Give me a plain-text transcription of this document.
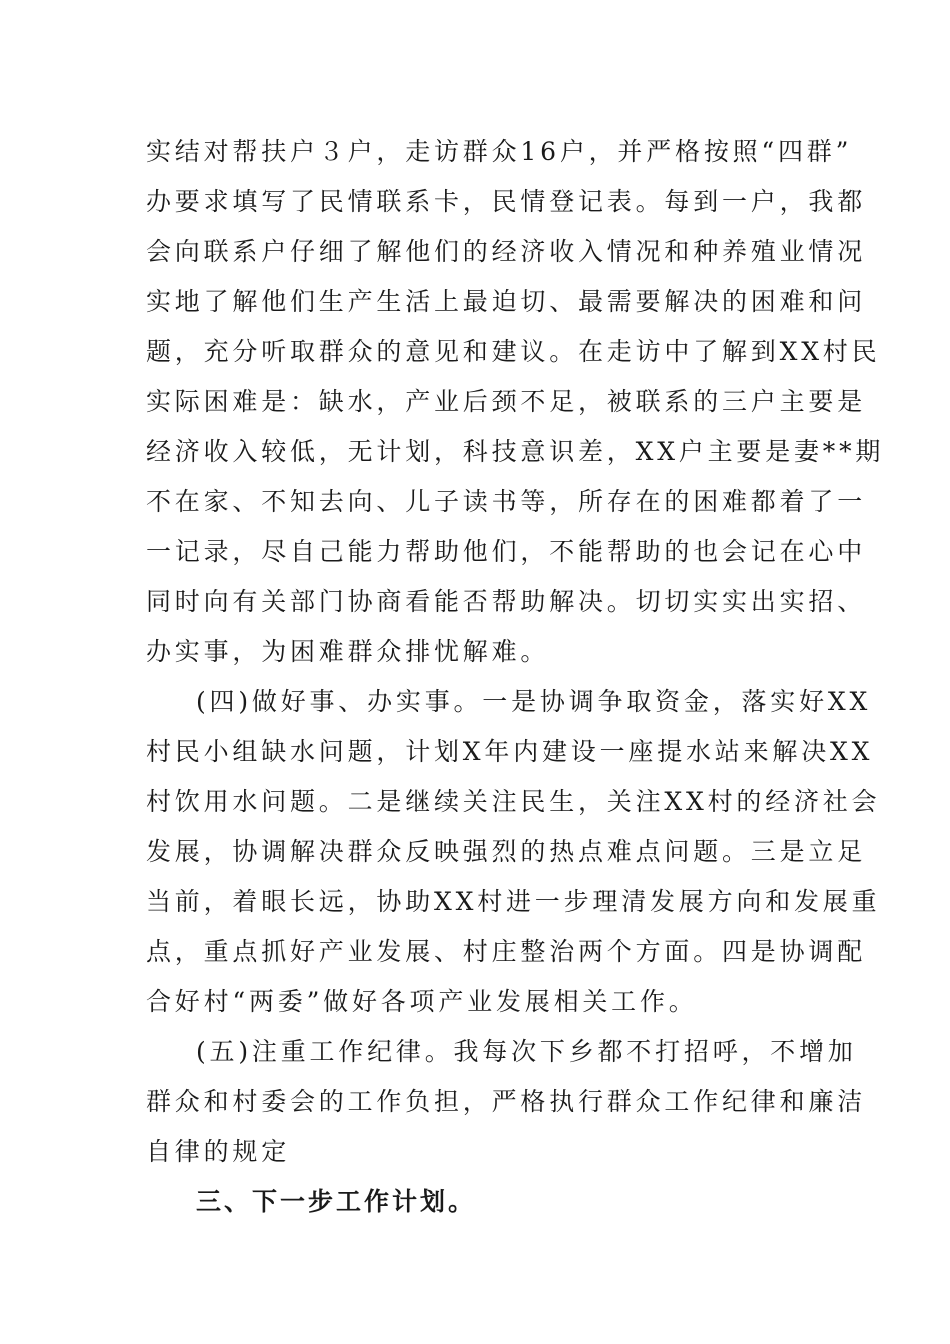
实结对帮扶户３户，走访群众16户，并严格按照“四群”
办要求填写了民情联系卡，民情登记表。每到一户，我都
会向联系户仔细了解他们的经济收入情况和种养殖业情况
实地了解他们生产生活上最迫切、最需要解决的困难和问
题，充分听取群众的意见和建议。在走访中了解到XX村民
实际困难是：缺水，产业后颈不足，被联系的三户主要是
经济收入较低，无计划，科技意识差，XX户主要是妻**期
不在家、不知去向、儿子读书等，所存在的困难都着了一
一记录，尽自己能力帮助他们，不能帮助的也会记在心中
同时向有关部门协商看能否帮助解决。切切实实出实招、
办实事，为困难群众排忧解难。
(四)做好事、办实事。一是协调争取资金，落实好XX
村民小组缺水问题，计划X年内建设一座提水站来解决XX
村饮用水问题。二是继续关注民生，关注XX村的经济社会
发展，协调解决群众反映强烈的热点难点问题。三是立足
当前，着眼长远，协助XX村进一步理清发展方向和发展重
点，重点抓好产业发展、村庄整治两个方面。四是协调配
合好村“两委”做好各项产业发展相关工作。
(五)注重工作纪律。我每次下乡都不打招呼，不增加
群众和村委会的工作负担，严格执行群众工作纪律和廉洁
自律的规定
三、下一步工作计划。
